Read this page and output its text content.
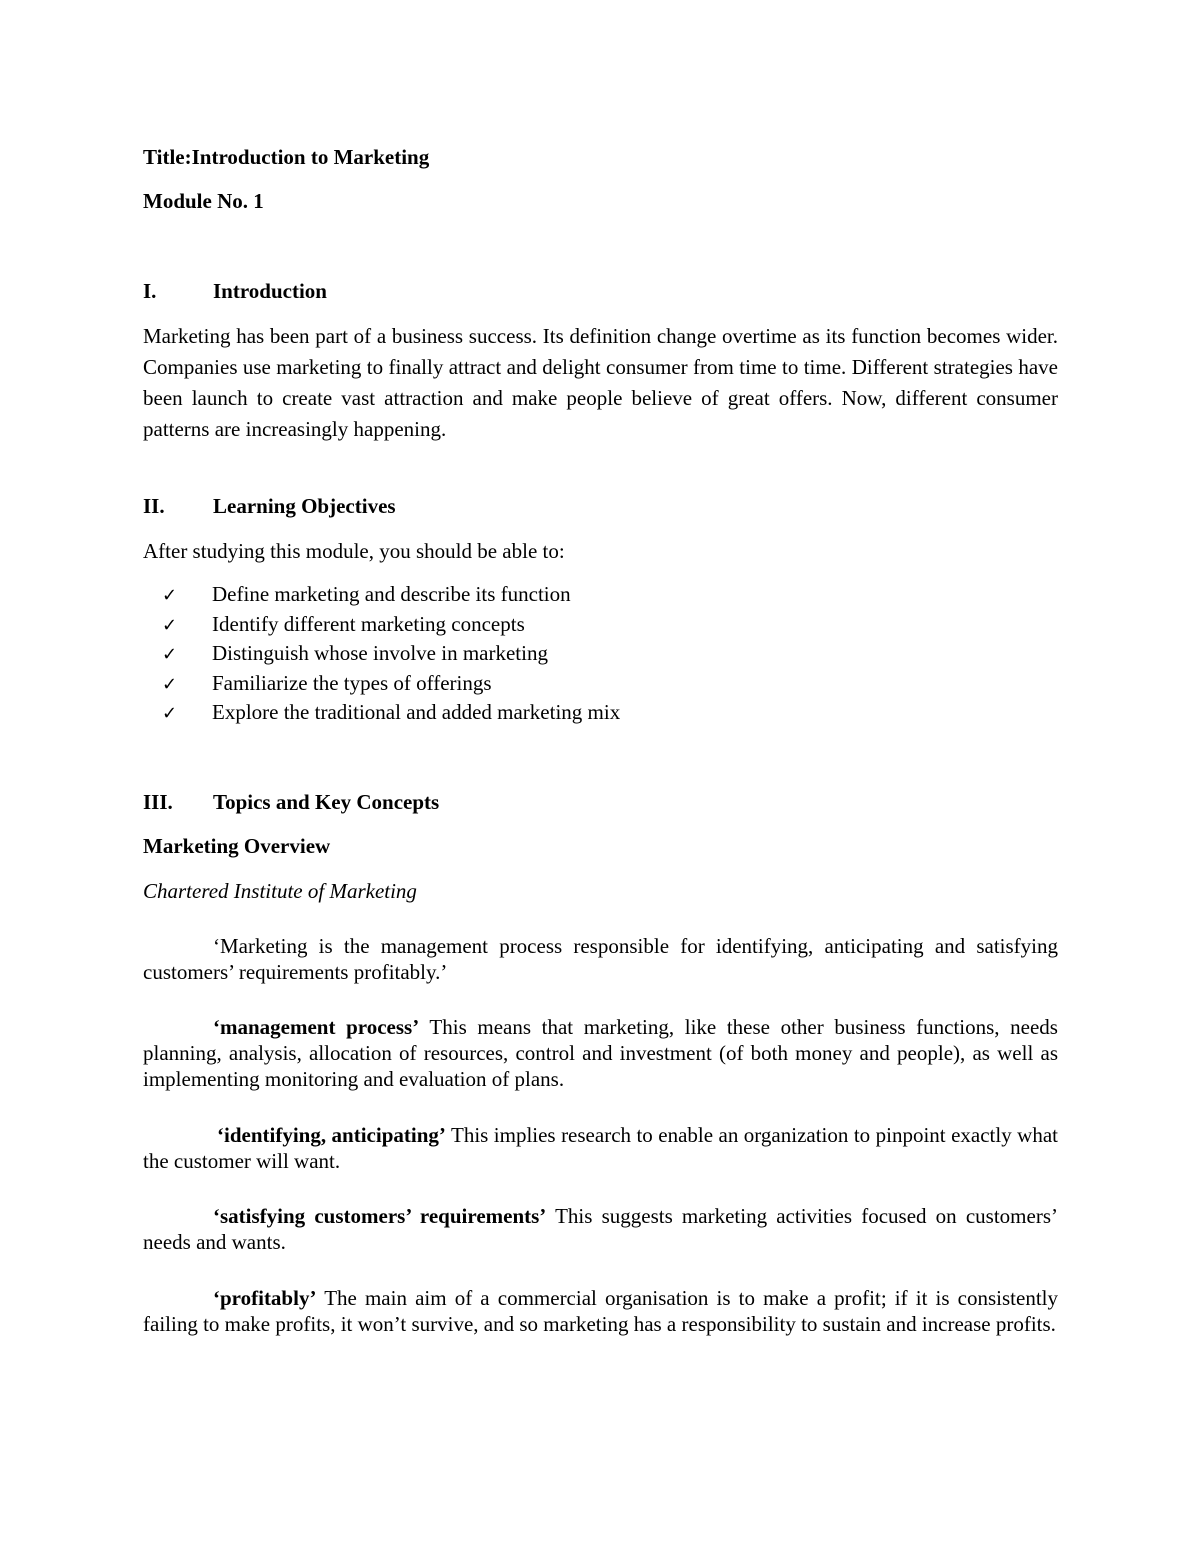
Title:Introduction to Marketing
Module No. 1
I.	Introduction
Marketing has been part of a business success. Its definition change overtime as its function becomes wider. Companies use marketing to finally attract and delight consumer from time to time. Different strategies have been launch to create vast attraction and make people believe of great offers. Now, different consumer patterns are increasingly happening.
II. Learning Objectives
After studying this module, you should be able to:
✓ Define marketing and describe its function
✓ Identify different marketing concepts
✓ Distinguish whose involve in marketing
✓ Familiarize the types of offerings
✓ Explore the traditional and added marketing mix
III. Topics and Key Concepts
Marketing Overview
Chartered Institute of Marketing
‘Marketing is the management process responsible for identifying, anticipating and satisfying customers’ requirements profitably.’
‘management process’ This means that marketing, like these other business functions, needs planning, analysis, allocation of resources, control and investment (of both money and people), as well as implementing monitoring and evaluation of plans.
‘identifying, anticipating’ This implies research to enable an organization to pinpoint exactly what the customer will want.
‘satisfying customers’ requirements’ This suggests marketing activities focused on customers’ needs and wants.
‘profitably’ The main aim of a commercial organisation is to make a profit; if it is consistently failing to make profits, it won’t survive, and so marketing has a responsibility to sustain and increase profits.
